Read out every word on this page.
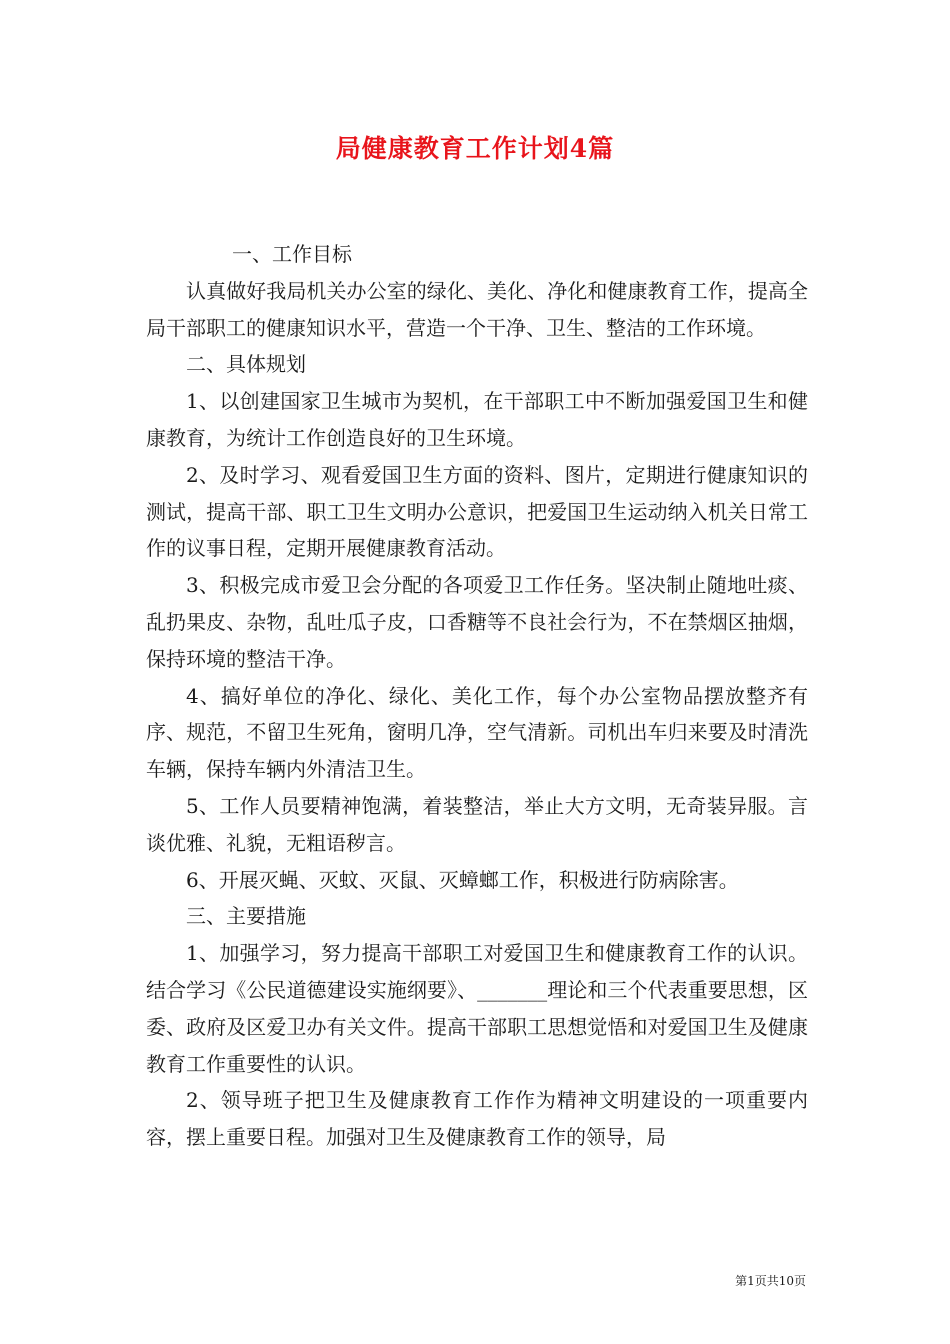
局健康教育工作计划4篇

一、工作目标

认真做好我局机关办公室的绿化、美化、净化和健康教育工作，提高全局干部职工的健康知识水平，营造一个干净、卫生、整洁的工作环境。

二、具体规划

1、以创建国家卫生城市为契机，在干部职工中不断加强爱国卫生和健康教育，为统计工作创造良好的卫生环境。

2、及时学习、观看爱国卫生方面的资料、图片，定期进行健康知识的测试，提高干部、职工卫生文明办公意识，把爱国卫生运动纳入机关日常工作的议事日程，定期开展健康教育活动。

3、积极完成市爱卫会分配的各项爱卫工作任务。坚决制止随地吐痰、乱扔果皮、杂物，乱吐瓜子皮，口香糖等不良社会行为，不在禁烟区抽烟，保持环境的整洁干净。

4、搞好单位的净化、绿化、美化工作，每个办公室物品摆放整齐有序、规范，不留卫生死角，窗明几净，空气清新。司机出车归来要及时清洗车辆，保持车辆内外清洁卫生。

5、工作人员要精神饱满，着装整洁，举止大方文明，无奇装异服。言谈优雅、礼貌，无粗语秽言。

6、开展灭蝇、灭蚊、灭鼠、灭蟑螂工作，积极进行防病除害。

三、主要措施

1、加强学习，努力提高干部职工对爱国卫生和健康教育工作的认识。结合学习《公民道德建设实施纲要》、_______理论和三个代表重要思想，区委、政府及区爱卫办有关文件。提高干部职工思想觉悟和对爱国卫生及健康教育工作重要性的认识。

2、领导班子把卫生及健康教育工作作为精神文明建设的一项重要内容，摆上重要日程。加强对卫生及健康教育工作的领导，局

第1页共10页
